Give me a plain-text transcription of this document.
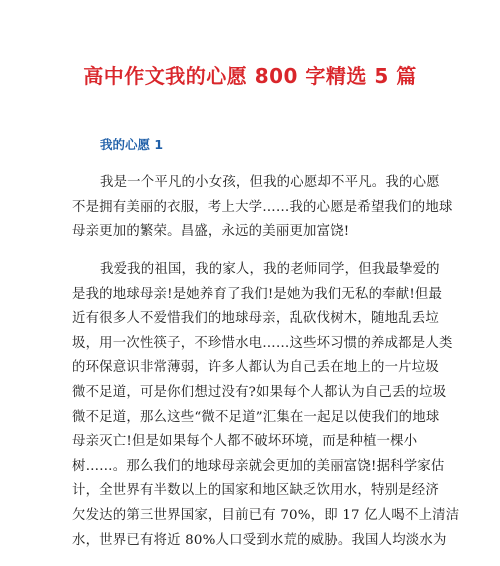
高中作文我的心愿 800 字精选 5 篇
我的心愿 1
我是一个平凡的小女孩，但我的心愿却不平凡。我的心愿
不是拥有美丽的衣服，考上大学……我的心愿是希望我们的地球
母亲更加的繁荣。昌盛，永远的美丽更加富饶!
我爱我的祖国，我的家人，我的老师同学，但我最挚爱的
是我的地球母亲!是她养育了我们!是她为我们无私的奉献!但最
近有很多人不爱惜我们的地球母亲，乱砍伐树木，随地乱丢垃
圾，用一次性筷子，不珍惜水电……这些坏习惯的养成都是人类
的环保意识非常薄弱，许多人都认为自己丢在地上的一片垃圾
微不足道，可是你们想过没有?如果每个人都认为自己丢的垃圾
微不足道，那么这些“微不足道”汇集在一起足以使我们的地球
母亲灭亡!但是如果每个人都不破坏环境，而是种植一棵小
树……。那么我们的地球母亲就会更加的美丽富饶!据科学家估
计，全世界有半数以上的国家和地区缺乏饮用水，特别是经济
欠发达的第三世界国家，目前已有 70%，即 17 亿人喝不上清洁
水，世界已有将近 80%人口受到水荒的威胁。我国人均淡水为
